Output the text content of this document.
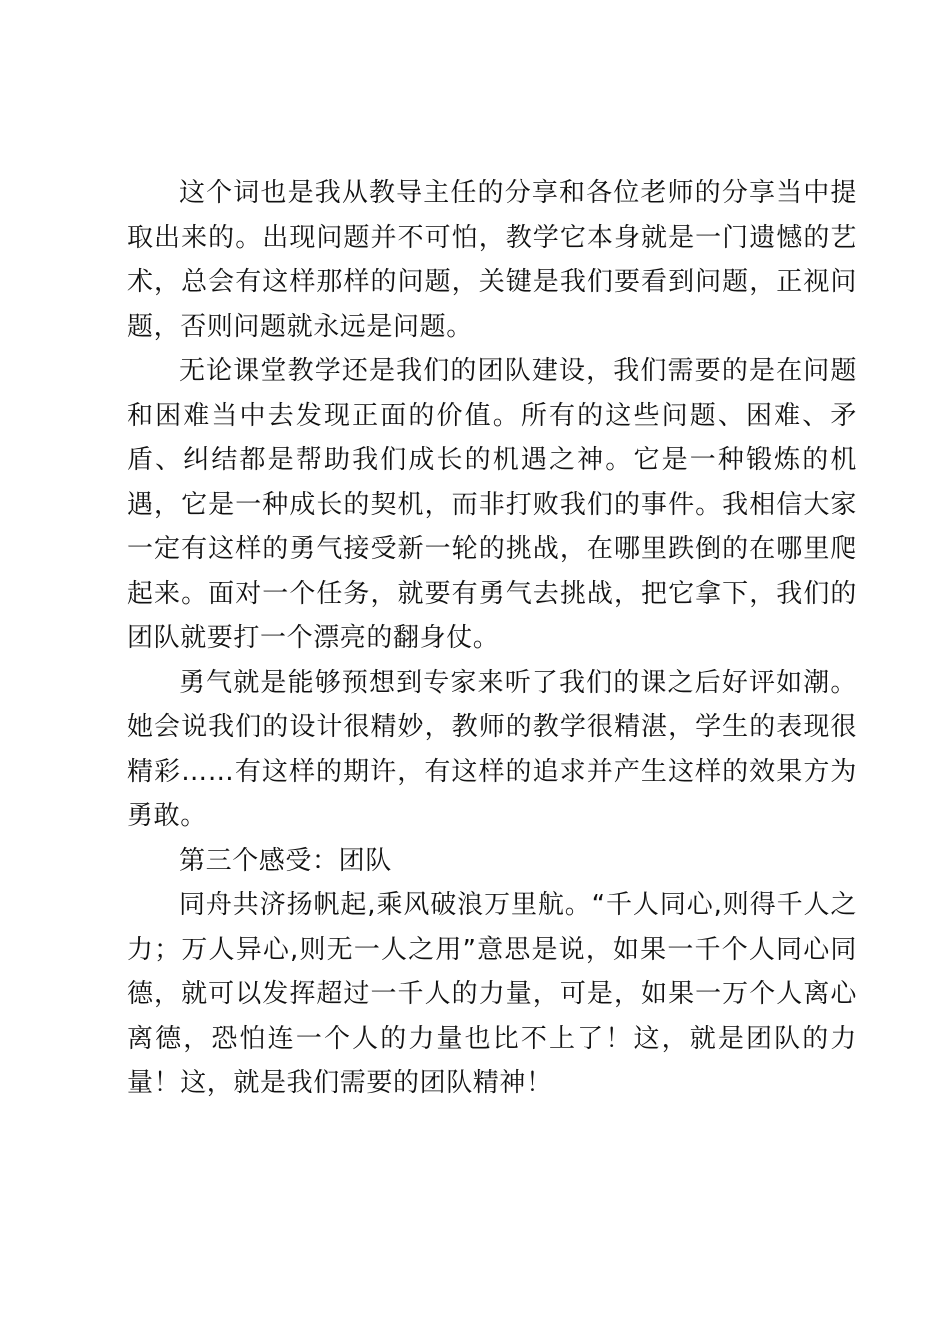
这个词也是我从教导主任的分享和各位老师的分享当中提取出来的。出现问题并不可怕，教学它本身就是一门遗憾的艺术，总会有这样那样的问题，关键是我们要看到问题，正视问题，否则问题就永远是问题。

无论课堂教学还是我们的团队建设，我们需要的是在问题和困难当中去发现正面的价值。所有的这些问题、困难、矛盾、纠结都是帮助我们成长的机遇之神。它是一种锻炼的机遇，它是一种成长的契机，而非打败我们的事件。我相信大家一定有这样的勇气接受新一轮的挑战，在哪里跌倒的在哪里爬起来。面对一个任务，就要有勇气去挑战，把它拿下，我们的团队就要打一个漂亮的翻身仗。

勇气就是能够预想到专家来听了我们的课之后好评如潮。她会说我们的设计很精妙，教师的教学很精湛，学生的表现很精彩……有这样的期许，有这样的追求并产生这样的效果方为勇敢。

第三个感受：团队

同舟共济扬帆起,乘风破浪万里航。“千人同心,则得千人之力；万人异心,则无一人之用”意思是说，如果一千个人同心同德，就可以发挥超过一千人的力量，可是，如果一万个人离心离德，恐怕连一个人的力量也比不上了！这，就是团队的力量！这，就是我们需要的团队精神！
